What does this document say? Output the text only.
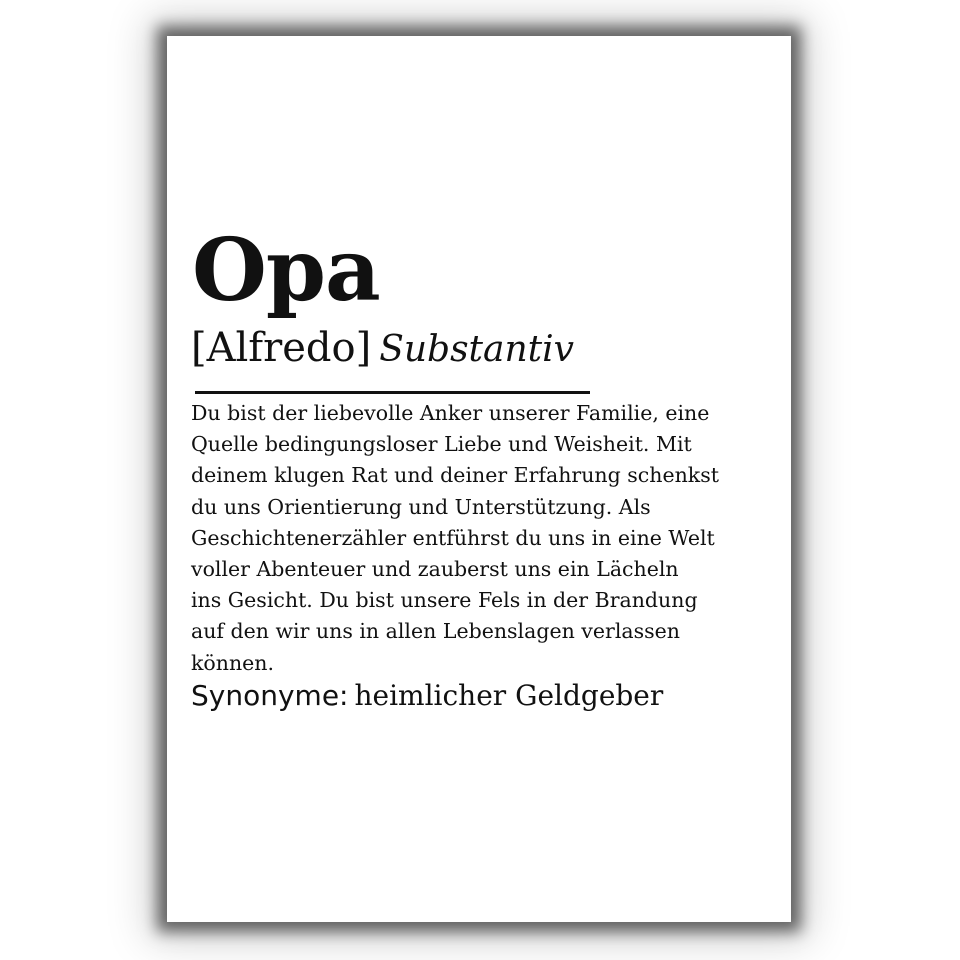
Opa
[Alfredo] Substantiv

Du bist der liebevolle Anker unserer Familie, eine
Quelle bedingungsloser Liebe und Weisheit. Mit
deinem klugen Rat und deiner Erfahrung schenkst
du uns Orientierung und Unterstützung. Als
Geschichtenerzähler entführst du uns in eine Welt
voller Abenteuer und zauberst uns ein Lächeln
ins Gesicht. Du bist unsere Fels in der Brandung
auf den wir uns in allen Lebenslagen verlassen
können.

Synonyme: heimlicher Geldgeber
